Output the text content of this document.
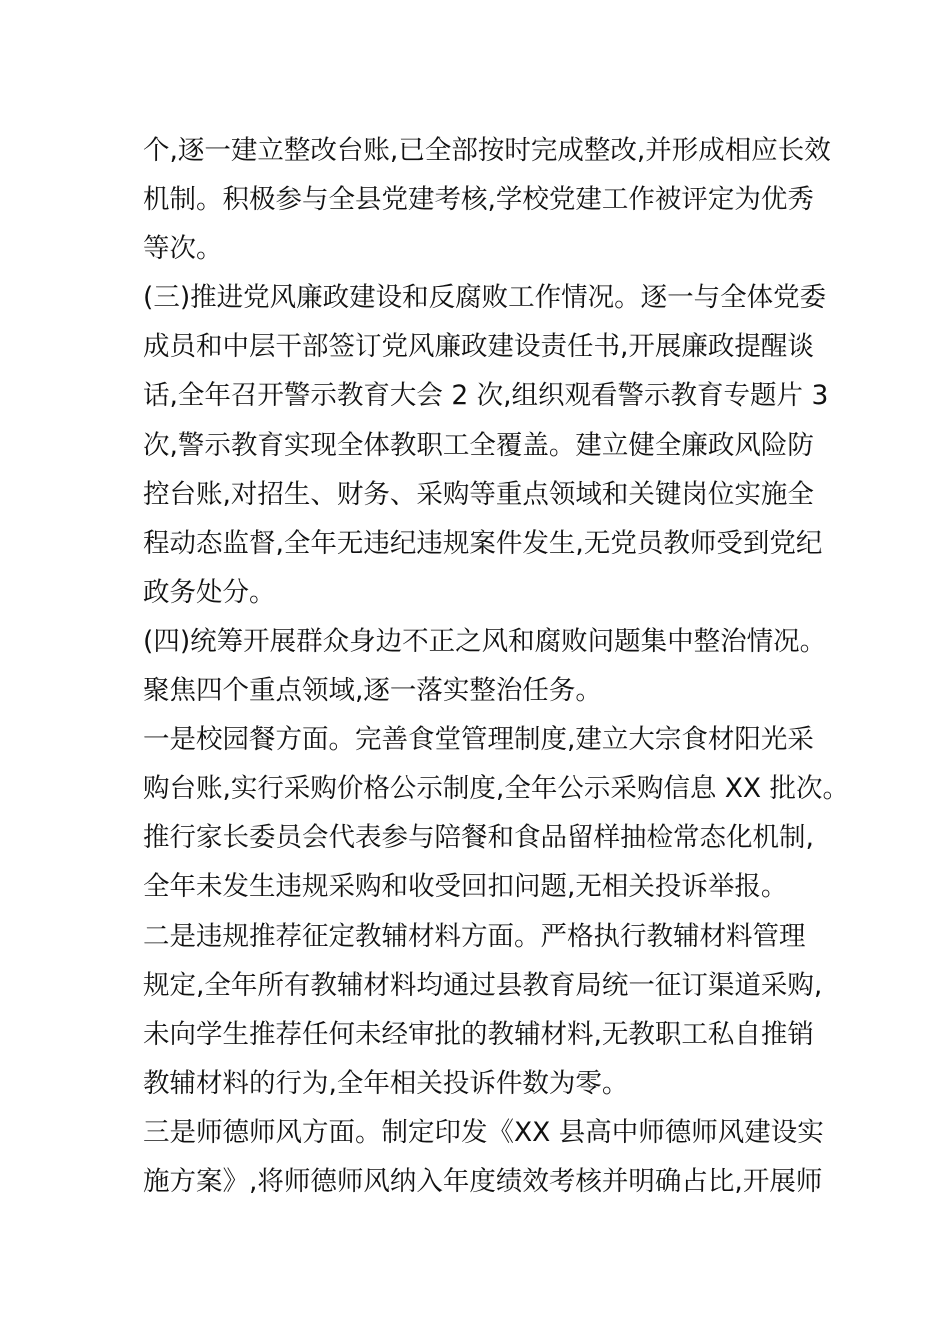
个,逐一建立整改台账,已全部按时完成整改,并形成相应长效
机制。积极参与全县党建考核,学校党建工作被评定为优秀
等次。
(三)推进党风廉政建设和反腐败工作情况。逐一与全体党委
成员和中层干部签订党风廉政建设责任书,开展廉政提醒谈
话,全年召开警示教育大会 2 次,组织观看警示教育专题片 3
次,警示教育实现全体教职工全覆盖。建立健全廉政风险防
控台账,对招生、财务、采购等重点领域和关键岗位实施全
程动态监督,全年无违纪违规案件发生,无党员教师受到党纪
政务处分。
(四)统筹开展群众身边不正之风和腐败问题集中整治情况。
聚焦四个重点领域,逐一落实整治任务。
一是校园餐方面。完善食堂管理制度,建立大宗食材阳光采
购台账,实行采购价格公示制度,全年公示采购信息 XX 批次。
推行家长委员会代表参与陪餐和食品留样抽检常态化机制,
全年未发生违规采购和收受回扣问题,无相关投诉举报。
二是违规推荐征定教辅材料方面。严格执行教辅材料管理
规定,全年所有教辅材料均通过县教育局统一征订渠道采购,
未向学生推荐任何未经审批的教辅材料,无教职工私自推销
教辅材料的行为,全年相关投诉件数为零。
三是师德师风方面。制定印发《XX 县高中师德师风建设实
施方案》,将师德师风纳入年度绩效考核并明确占比,开展师
